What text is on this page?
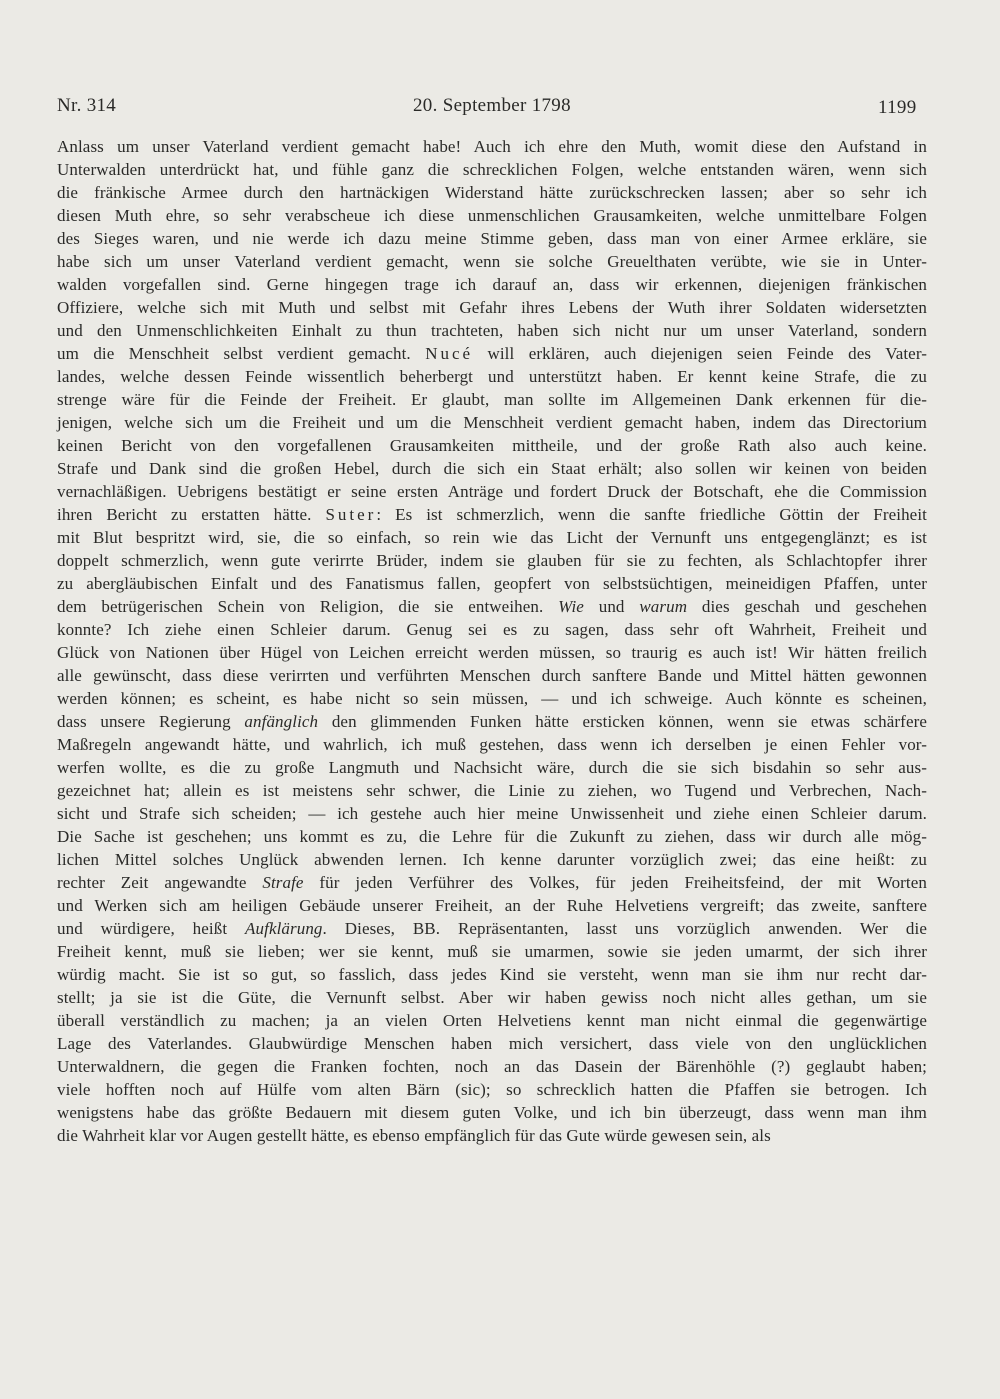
Nr. 314	20. September 1798	1199
Anlass um unser Vaterland verdient gemacht habe! Auch ich ehre den Muth, womit diese den Aufstand in
Unterwalden unterdrückt hat, und fühle ganz die schrecklichen Folgen, welche entstanden wären, wenn sich
die fränkische Armee durch den hartnäckigen Widerstand hätte zurückschrecken lassen; aber so sehr ich
diesen Muth ehre, so sehr verabscheue ich diese unmenschlichen Grausamkeiten, welche unmittelbare Folgen
des Sieges waren, und nie werde ich dazu meine Stimme geben, dass man von einer Armee erkläre, sie
habe sich um unser Vaterland verdient gemacht, wenn sie solche Greuelthaten verübte, wie sie in Unter-
walden vorgefallen sind. Gerne hingegen trage ich darauf an, dass wir erkennen, diejenigen fränkischen
Offiziere, welche sich mit Muth und selbst mit Gefahr ihres Lebens der Wuth ihrer Soldaten widersetzten
und den Unmenschlichkeiten Einhalt zu thun trachteten, haben sich nicht nur um unser Vaterland, sondern
um die Menschheit selbst verdient gemacht. Nucé will erklären, auch diejenigen seien Feinde des Vater-
landes, welche dessen Feinde wissentlich beherbergt und unterstützt haben. Er kennt keine Strafe, die zu
strenge wäre für die Feinde der Freiheit. Er glaubt, man sollte im Allgemeinen Dank erkennen für die-
jenigen, welche sich um die Freiheit und um die Menschheit verdient gemacht haben, indem das Directorium
keinen Bericht von den vorgefallenen Grausamkeiten mittheile, und der große Rath also auch keine.
Strafe und Dank sind die großen Hebel, durch die sich ein Staat erhält; also sollen wir keinen von beiden
vernachläßigen. Uebrigens bestätigt er seine ersten Anträge und fordert Druck der Botschaft, ehe die Commission
ihren Bericht zu erstatten hätte. Suter: Es ist schmerzlich, wenn die sanfte friedliche Göttin der Freiheit
mit Blut bespritzt wird, sie, die so einfach, so rein wie das Licht der Vernunft uns entgegenglänzt; es ist
doppelt schmerzlich, wenn gute verirrte Brüder, indem sie glauben für sie zu fechten, als Schlachtopfer ihrer
zu abergläubischen Einfalt und des Fanatismus fallen, geopfert von selbstsüchtigen, meineidigen Pfaffen, unter
dem betrügerischen Schein von Religion, die sie entweihen. Wie und warum dies geschah und geschehen
konnte? Ich ziehe einen Schleier darum. Genug sei es zu sagen, dass sehr oft Wahrheit, Freiheit und
Glück von Nationen über Hügel von Leichen erreicht werden müssen, so traurig es auch ist! Wir hätten freilich
alle gewünscht, dass diese verirrten und verführten Menschen durch sanftere Bande und Mittel hätten gewonnen
werden können; es scheint, es habe nicht so sein müssen, — und ich schweige. Auch könnte es scheinen,
dass unsere Regierung anfänglich den glimmenden Funken hätte ersticken können, wenn sie etwas schärfere
Maßregeln angewandt hätte, und wahrlich, ich muß gestehen, dass wenn ich derselben je einen Fehler vor-
werfen wollte, es die zu große Langmuth und Nachsicht wäre, durch die sie sich bisdahin so sehr aus-
gezeichnet hat; allein es ist meistens sehr schwer, die Linie zu ziehen, wo Tugend und Verbrechen, Nach-
sicht und Strafe sich scheiden; — ich gestehe auch hier meine Unwissenheit und ziehe einen Schleier darum.
Die Sache ist geschehen; uns kommt es zu, die Lehre für die Zukunft zu ziehen, dass wir durch alle mög-
lichen Mittel solches Unglück abwenden lernen. Ich kenne darunter vorzüglich zwei; das eine heißt: zu
rechter Zeit angewandte Strafe für jeden Verführer des Volkes, für jeden Freiheitsfeind, der mit Worten
und Werken sich am heiligen Gebäude unserer Freiheit, an der Ruhe Helvetiens vergreift; das zweite, sanftere
und würdigere, heißt Aufklärung. Dieses, BB. Repräsentanten, lasst uns vorzüglich anwenden. Wer die
Freiheit kennt, muß sie lieben; wer sie kennt, muß sie umarmen, sowie sie jeden umarmt, der sich ihrer
würdig macht. Sie ist so gut, so fasslich, dass jedes Kind sie versteht, wenn man sie ihm nur recht dar-
stellt; ja sie ist die Güte, die Vernunft selbst. Aber wir haben gewiss noch nicht alles gethan, um sie
überall verständlich zu machen; ja an vielen Orten Helvetiens kennt man nicht einmal die gegenwärtige
Lage des Vaterlandes. Glaubwürdige Menschen haben mich versichert, dass viele von den unglücklichen
Unterwaldnern, die gegen die Franken fochten, noch an das Dasein der Bärenhöhle (?) geglaubt haben;
viele hofften noch auf Hülfe vom alten Bärn (sic); so schrecklich hatten die Pfaffen sie betrogen. Ich
wenigstens habe das größte Bedauern mit diesem guten Volke, und ich bin überzeugt, dass wenn man ihm
die Wahrheit klar vor Augen gestellt hätte, es ebenso empfänglich für das Gute würde gewesen sein, als
